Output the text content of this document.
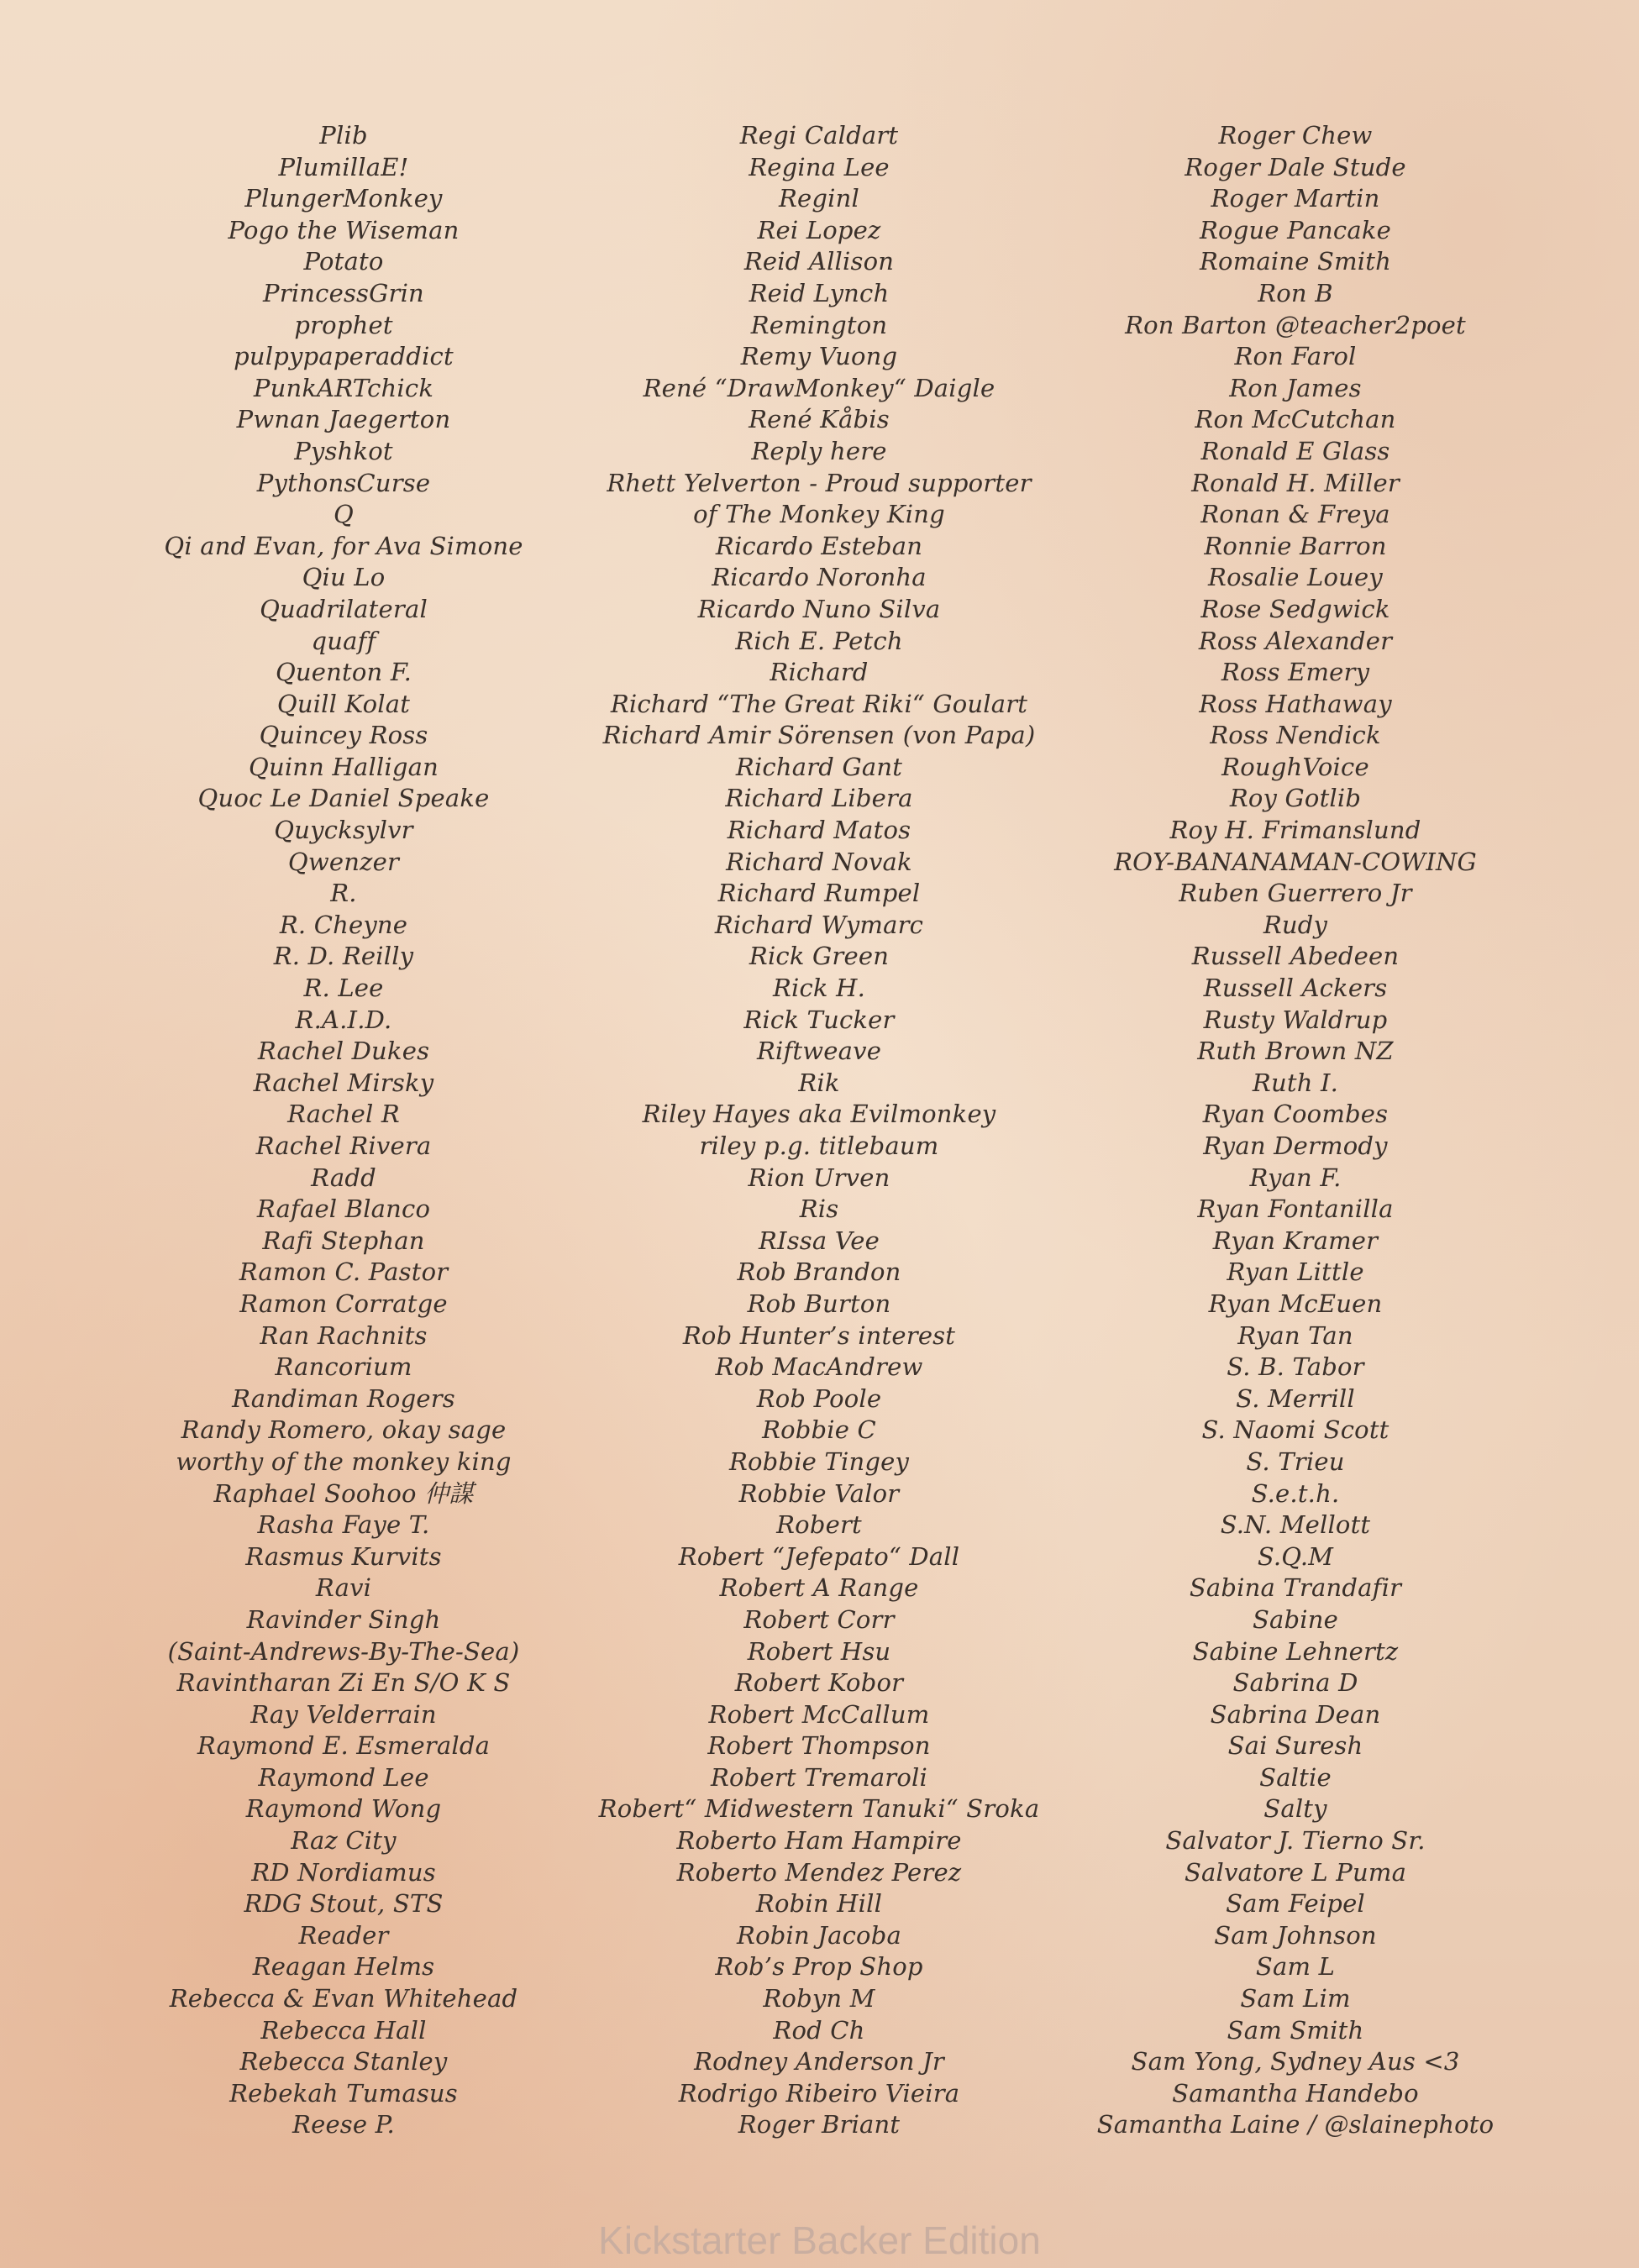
Plib
PlumillaE!
PlungerMonkey
Pogo the Wiseman
Potato
PrincessGrin
prophet
pulpypaperaddict
PunkARTchick
Pwnan Jaegerton
Pyshkot
PythonsCurse
Q
Qi and Evan, for Ava Simone
Qiu Lo
Quadrilateral
quaff
Quenton F.
Quill Kolat
Quincey Ross
Quinn Halligan
Quoc Le Daniel Speake
Quycksylvr
Qwenzer
R.
R. Cheyne
R. D. Reilly
R. Lee
R.A.I.D.
Rachel Dukes
Rachel Mirsky
Rachel R
Rachel Rivera
Radd
Rafael Blanco
Rafi Stephan
Ramon C. Pastor
Ramon Corratge
Ran Rachnits
Rancorium
Randiman Rogers
Randy Romero, okay sage
worthy of the monkey king
Raphael Soohoo 仲謀
Rasha Faye T.
Rasmus Kurvits
Ravi
Ravinder Singh
(Saint-Andrews-By-The-Sea)
Ravintharan Zi En S/O K S
Ray Velderrain
Raymond E. Esmeralda
Raymond Lee
Raymond Wong
Raz City
RD Nordiamus
RDG Stout, STS
Reader
Reagan Helms
Rebecca & Evan Whitehead
Rebecca Hall
Rebecca Stanley
Rebekah Tumasus
Reese P.
Regi Caldart
Regina Lee
Reginl
Rei Lopez
Reid Allison
Reid Lynch
Remington
Remy Vuong
René “DrawMonkey“ Daigle
René Kåbis
Reply here
Rhett Yelverton - Proud supporter
of The Monkey King
Ricardo Esteban
Ricardo Noronha
Ricardo Nuno Silva
Rich E. Petch
Richard
Richard “The Great Riki“ Goulart
Richard Amir Sörensen (von Papa)
Richard Gant
Richard Libera
Richard Matos
Richard Novak
Richard Rumpel
Richard Wymarc
Rick Green
Rick H.
Rick Tucker
Riftweave
Rik
Riley Hayes aka Evilmonkey
riley p.g. titlebaum
Rion Urven
Ris
RIssa Vee
Rob Brandon
Rob Burton
Rob Hunter’s interest
Rob MacAndrew
Rob Poole
Robbie C
Robbie Tingey
Robbie Valor
Robert
Robert “Jefepato“ Dall
Robert A Range
Robert Corr
Robert Hsu
Robert Kobor
Robert McCallum
Robert Thompson
Robert Tremaroli
Robert“ Midwestern Tanuki“ Sroka
Roberto Ham Hampire
Roberto Mendez Perez
Robin Hill
Robin Jacoba
Rob’s Prop Shop
Robyn M
Rod Ch
Rodney Anderson Jr
Rodrigo Ribeiro Vieira
Roger Briant
Roger Chew
Roger Dale Stude
Roger Martin
Rogue Pancake
Romaine Smith
Ron B
Ron Barton @teacher2poet
Ron Farol
Ron James
Ron McCutchan
Ronald E Glass
Ronald H. Miller
Ronan & Freya
Ronnie Barron
Rosalie Louey
Rose Sedgwick
Ross Alexander
Ross Emery
Ross Hathaway
Ross Nendick
RoughVoice
Roy Gotlib
Roy H. Frimanslund
ROY-BANANAMAN-COWING
Ruben Guerrero Jr
Rudy
Russell Abedeen
Russell Ackers
Rusty Waldrup
Ruth Brown NZ
Ruth I.
Ryan Coombes
Ryan Dermody
Ryan F.
Ryan Fontanilla
Ryan Kramer
Ryan Little
Ryan McEuen
Ryan Tan
S. B. Tabor
S. Merrill
S. Naomi Scott
S. Trieu
S.e.t.h.
S.N. Mellott
S.Q.M
Sabina Trandafir
Sabine
Sabine Lehnertz
Sabrina D
Sabrina Dean
Sai Suresh
Saltie
Salty
Salvator J. Tierno Sr.
Salvatore L Puma
Sam Feipel
Sam Johnson
Sam L
Sam Lim
Sam Smith
Sam Yong, Sydney Aus <3
Samantha Handebo
Samantha Laine / @slainephoto
Kickstarter Backer Edition
